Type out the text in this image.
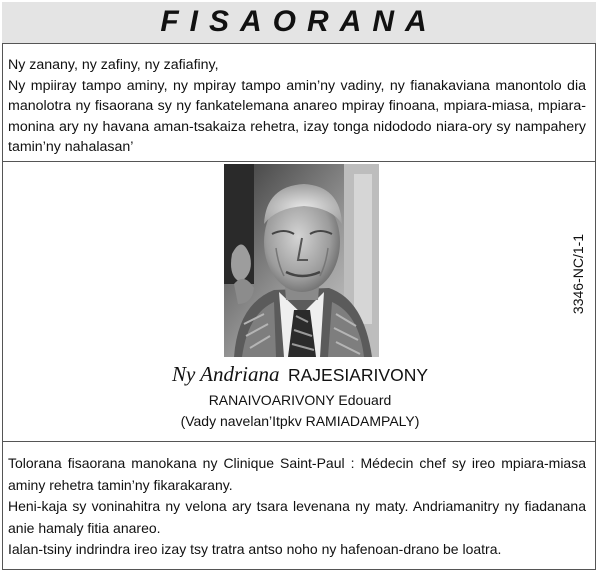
FISAORANA

Ny zanany, ny zafiny, ny zafiafiny,

Ny mpiiray tampo aminy, ny mpiray tampo amin’ny vadiny, ny fianakaviana manontolo dia manolotra ny fisaorana sy ny fankatelemana anareo mpiray finoana, mpiara-miasa, mpiara-monina ary ny havana aman-tsakaiza rehetra, izay tonga nidododo niara-ory sy nampahery tamin’ny nahalasan’

3346-NC/1-1
Ny Andriana RAJESIARIVONY
RANAIVOARIVONY Edouard
(Vady navelan’Itpkv RAMIADAMPALY)

Tolorana fisaorana manokana ny Clinique Saint-Paul : Médecin chef sy ireo mpiara-miasa aminy rehetra tamin’ny fikarakarany.

Heni-kaja sy voninahitra ny velona ary tsara levenana ny maty. Andriamanitry ny fiadanana anie hamaly fitia anareo.

Ialan-tsiny indrindra ireo izay tsy tratra antso noho ny hafenoan-drano be loatra.
